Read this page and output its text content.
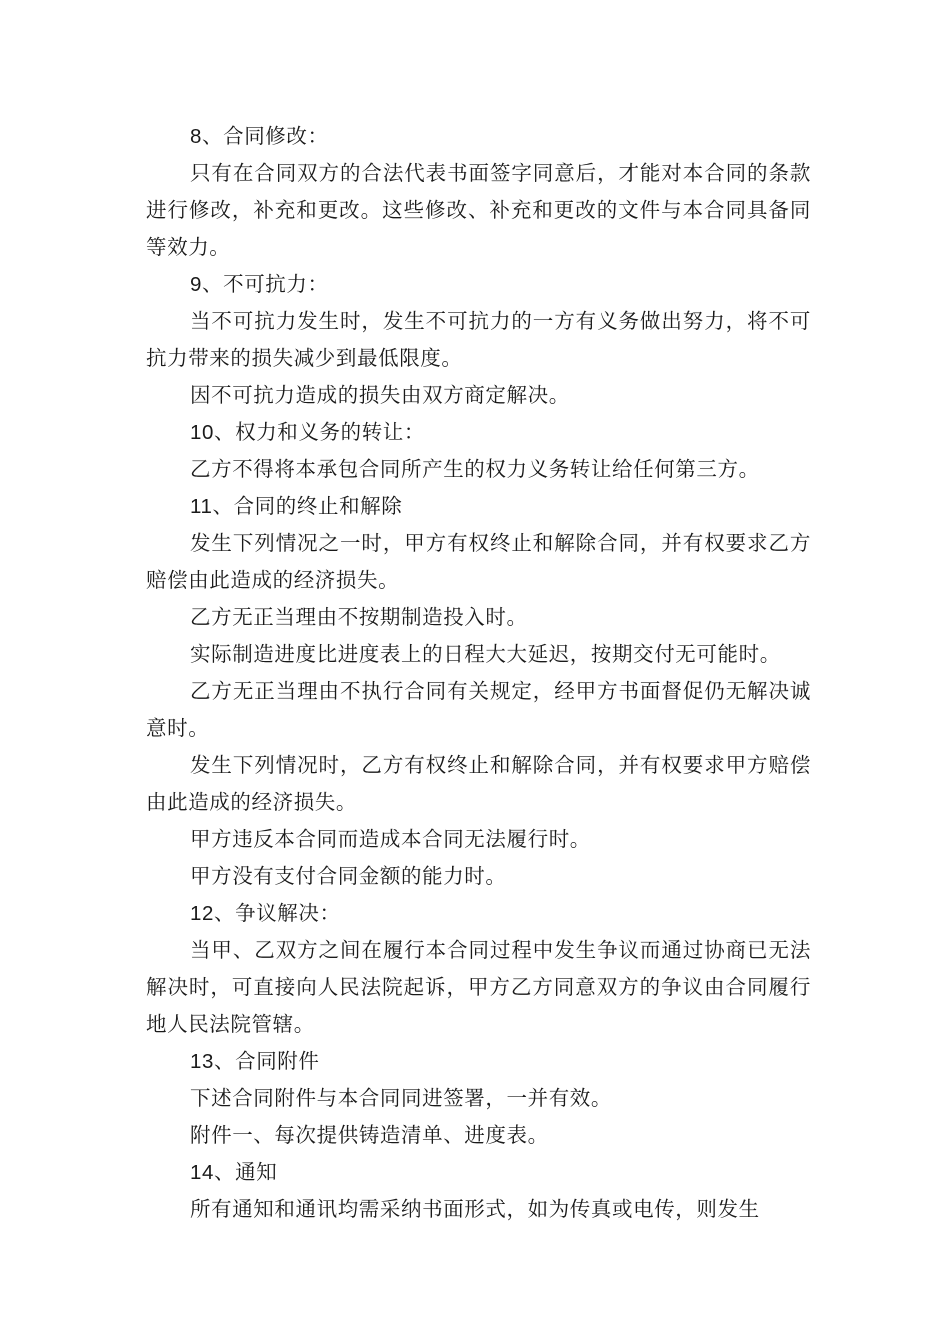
8、合同修改：

只有在合同双方的合法代表书面签字同意后，才能对本合同的条款进行修改，补充和更改。这些修改、补充和更改的文件与本合同具备同等效力。

9、不可抗力：

当不可抗力发生时，发生不可抗力的一方有义务做出努力，将不可抗力带来的损失减少到最低限度。

因不可抗力造成的损失由双方商定解决。

10、权力和义务的转让：

乙方不得将本承包合同所产生的权力义务转让给任何第三方。

11、合同的终止和解除

发生下列情况之一时，甲方有权终止和解除合同，并有权要求乙方赔偿由此造成的经济损失。

乙方无正当理由不按期制造投入时。

实际制造进度比进度表上的日程大大延迟，按期交付无可能时。

乙方无正当理由不执行合同有关规定，经甲方书面督促仍无解决诚意时。

发生下列情况时，乙方有权终止和解除合同，并有权要求甲方赔偿由此造成的经济损失。

甲方违反本合同而造成本合同无法履行时。

甲方没有支付合同金额的能力时。

12、争议解决：

当甲、乙双方之间在履行本合同过程中发生争议而通过协商已无法解决时，可直接向人民法院起诉，甲方乙方同意双方的争议由合同履行地人民法院管辖。

13、合同附件

下述合同附件与本合同同进签署，一并有效。

附件一、每次提供铸造清单、进度表。

14、通知

所有通知和通讯均需采纳书面形式，如为传真或电传，则发生
